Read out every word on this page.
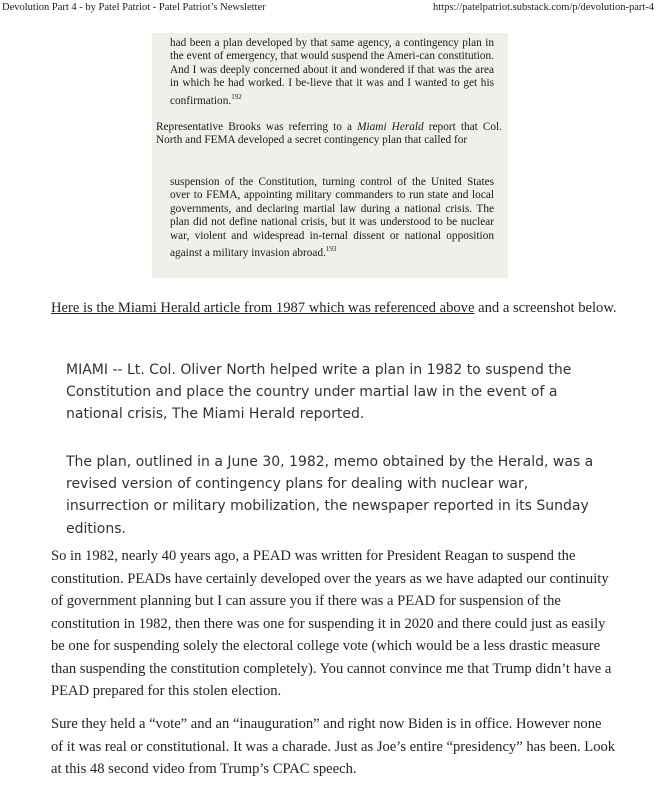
Devolution Part 4 - by Patel Patriot - Patel Patriot’s Newsletter	https://patelpatriot.substack.com/p/devolution-part-4
had been a plan developed by that same agency, a contingency plan in the event of emergency, that would suspend the Ameri-can constitution. And I was deeply concerned about it and wondered if that was the area in which he had worked. I be-lieve that it was and I wanted to get his confirmation.$^{192}$
Representative Brooks was referring to a Miami Herald report that Col. North and FEMA developed a secret contingency plan that called for
suspension of the Constitution, turning control of the United States over to FEMA, appointing military commanders to run state and local governments, and declaring martial law during a national crisis. The plan did not define national crisis, but it was understood to be nuclear war, violent and widespread in-ternal dissent or national opposition against a military invasion abroad.$^{193}$

Here is the Miami Herald article from 1987 which was referenced above and a screenshot below.

MIAMI -- Lt. Col. Oliver North helped write a plan in 1982 to suspend the Constitution and place the country under martial law in the event of a national crisis, The Miami Herald reported.

The plan, outlined in a June 30, 1982, memo obtained by the Herald, was a revised version of contingency plans for dealing with nuclear war, insurrection or military mobilization, the newspaper reported in its Sunday editions.

So in 1982, nearly 40 years ago, a PEAD was written for President Reagan to suspend the constitution. PEADs have certainly developed over the years as we have adapted our continuity of government planning but I can assure you if there was a PEAD for suspension of the constitution in 1982, then there was one for suspending it in 2020 and there could just as easily be one for suspending solely the electoral college vote (which would be a less drastic measure than suspending the constitution completely). You cannot convince me that Trump didn’t have a PEAD prepared for this stolen election.

Sure they held a “vote” and an “inauguration” and right now Biden is in office. However none of it was real or constitutional. It was a charade. Just as Joe’s entire “presidency” has been. Look at this 48 second video from Trump’s CPAC speech.
